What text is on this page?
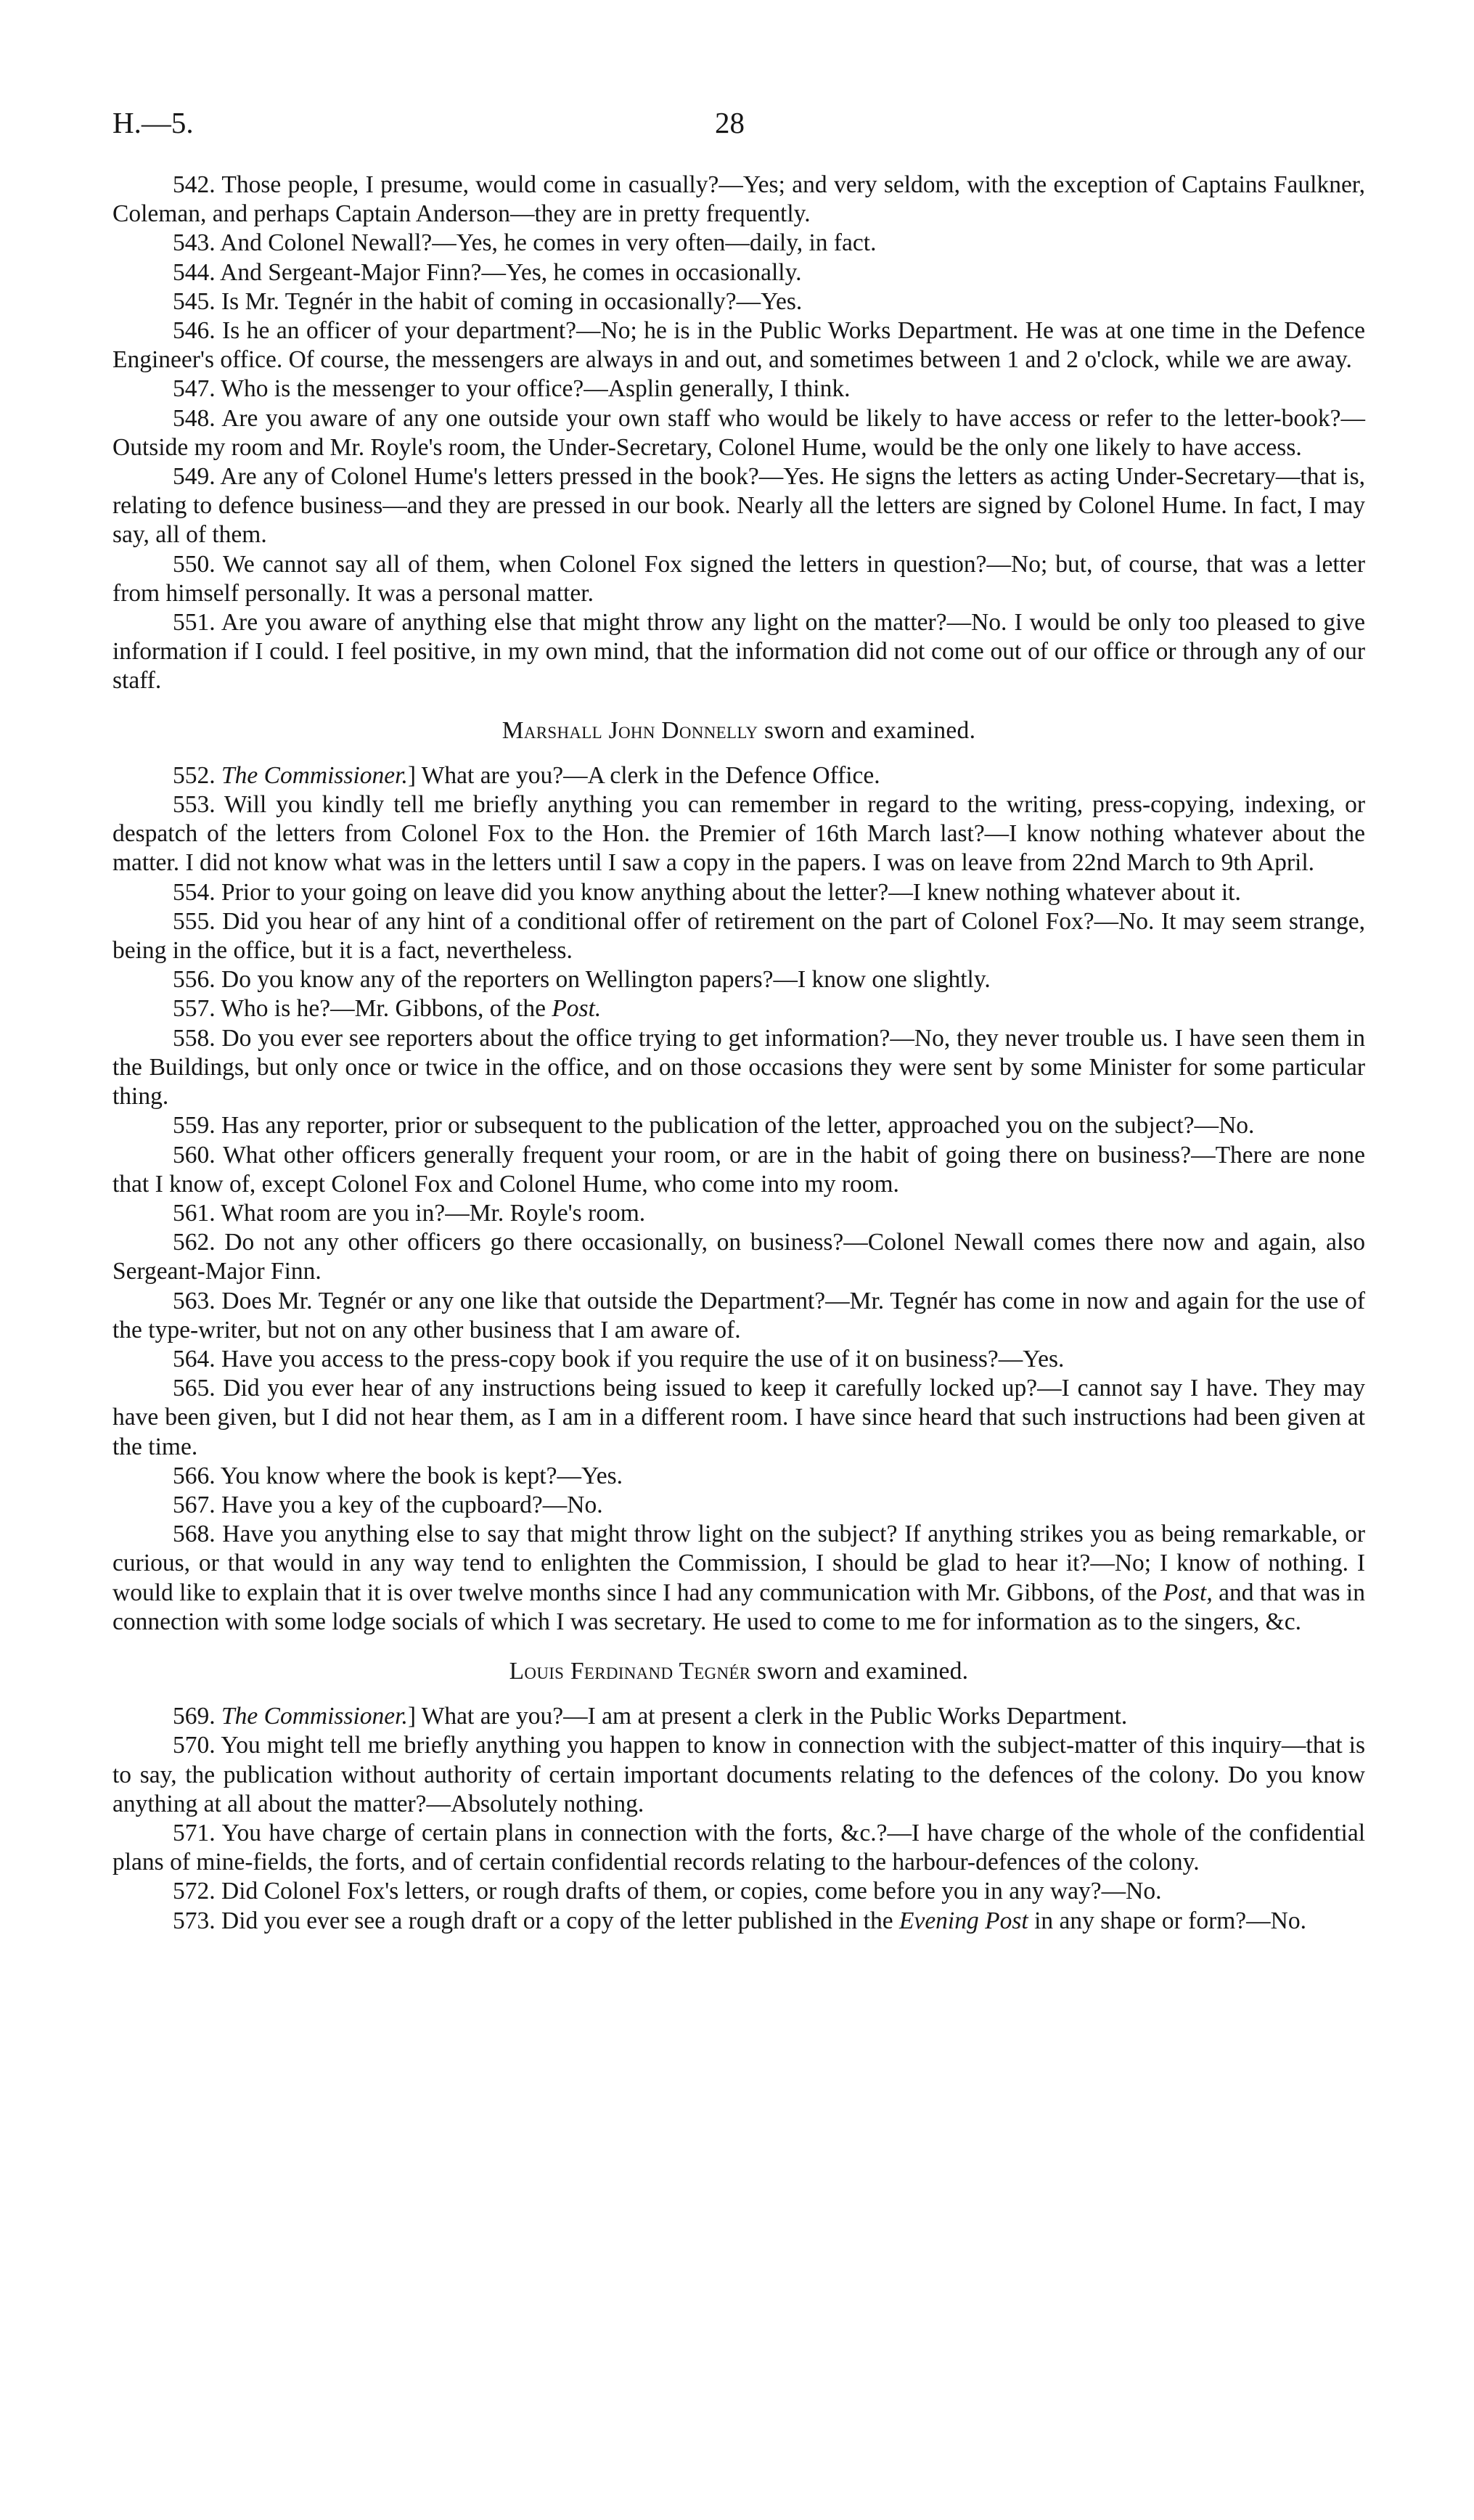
H.—5.	28

542. Those people, I presume, would come in casually?—Yes; and very seldom, with the exception of Captains Faulkner, Coleman, and perhaps Captain Anderson—they are in pretty frequently.

543. And Colonel Newall?—Yes, he comes in very often—daily, in fact.

544. And Sergeant-Major Finn?—Yes, he comes in occasionally.

545. Is Mr. Tegnér in the habit of coming in occasionally?—Yes.

546. Is he an officer of your department?—No; he is in the Public Works Department. He was at one time in the Defence Engineer's office. Of course, the messengers are always in and out, and sometimes between 1 and 2 o'clock, while we are away.

547. Who is the messenger to your office?—Asplin generally, I think.

548. Are you aware of any one outside your own staff who would be likely to have access or refer to the letter-book?—Outside my room and Mr. Royle's room, the Under-Secretary, Colonel Hume, would be the only one likely to have access.

549. Are any of Colonel Hume's letters pressed in the book?—Yes. He signs the letters as acting Under-Secretary—that is, relating to defence business—and they are pressed in our book. Nearly all the letters are signed by Colonel Hume. In fact, I may say, all of them.

550. We cannot say all of them, when Colonel Fox signed the letters in question?—No; but, of course, that was a letter from himself personally. It was a personal matter.

551. Are you aware of anything else that might throw any light on the matter?—No. I would be only too pleased to give information if I could. I feel positive, in my own mind, that the information did not come out of our office or through any of our staff.

Marshall John Donnelly sworn and examined.

552. The Commissioner.] What are you?—A clerk in the Defence Office.

553. Will you kindly tell me briefly anything you can remember in regard to the writing, press-copying, indexing, or despatch of the letters from Colonel Fox to the Hon. the Premier of 16th March last?—I know nothing whatever about the matter. I did not know what was in the letters until I saw a copy in the papers. I was on leave from 22nd March to 9th April.

554. Prior to your going on leave did you know anything about the letter?—I knew nothing whatever about it.

555. Did you hear of any hint of a conditional offer of retirement on the part of Colonel Fox?—No. It may seem strange, being in the office, but it is a fact, nevertheless.

556. Do you know any of the reporters on Wellington papers?—I know one slightly.

557. Who is he?—Mr. Gibbons, of the Post.

558. Do you ever see reporters about the office trying to get information?—No, they never trouble us. I have seen them in the Buildings, but only once or twice in the office, and on those occasions they were sent by some Minister for some particular thing.

559. Has any reporter, prior or subsequent to the publication of the letter, approached you on the subject?—No.

560. What other officers generally frequent your room, or are in the habit of going there on business?—There are none that I know of, except Colonel Fox and Colonel Hume, who come into my room.

561. What room are you in?—Mr. Royle's room.

562. Do not any other officers go there occasionally, on business?—Colonel Newall comes there now and again, also Sergeant-Major Finn.

563. Does Mr. Tegnér or any one like that outside the Department?—Mr. Tegnér has come in now and again for the use of the type-writer, but not on any other business that I am aware of.

564. Have you access to the press-copy book if you require the use of it on business?—Yes.

565. Did you ever hear of any instructions being issued to keep it carefully locked up?—I cannot say I have. They may have been given, but I did not hear them, as I am in a different room. I have since heard that such instructions had been given at the time.

566. You know where the book is kept?—Yes.

567. Have you a key of the cupboard?—No.

568. Have you anything else to say that might throw light on the subject? If anything strikes you as being remarkable, or curious, or that would in any way tend to enlighten the Commission, I should be glad to hear it?—No; I know of nothing. I would like to explain that it is over twelve months since I had any communication with Mr. Gibbons, of the Post, and that was in connection with some lodge socials of which I was secretary. He used to come to me for information as to the singers, &c.

Louis Ferdinand Tegnér sworn and examined.

569. The Commissioner.] What are you?—I am at present a clerk in the Public Works Department.

570. You might tell me briefly anything you happen to know in connection with the subject-matter of this inquiry—that is to say, the publication without authority of certain important documents relating to the defences of the colony. Do you know anything at all about the matter?—Absolutely nothing.

571. You have charge of certain plans in connection with the forts, &c.?—I have charge of the whole of the confidential plans of mine-fields, the forts, and of certain confidential records relating to the harbour-defences of the colony.

572. Did Colonel Fox's letters, or rough drafts of them, or copies, come before you in any way?—No.

573. Did you ever see a rough draft or a copy of the letter published in the Evening Post in any shape or form?—No.
